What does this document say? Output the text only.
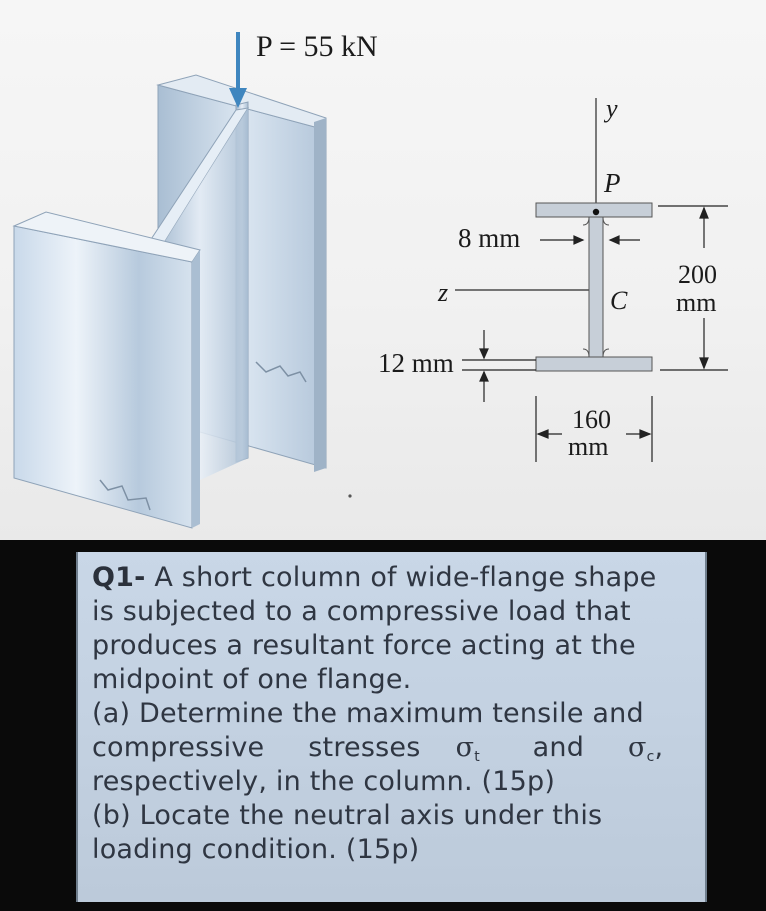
P = 55 kN
y
P
z	C
8 mm
12 mm
160
mm
200
mm
Q1- A short column of wide-flange shape
is subjected to a compressive load that
produces a resultant force acting at the
midpoint of one flange.
(a) Determine the maximum tensile and
compressive stresses $\sigma_t$ and $\sigma_c$,
respectively, in the column. (15p)
(b) Locate the neutral axis under this
loading condition. (15p)
